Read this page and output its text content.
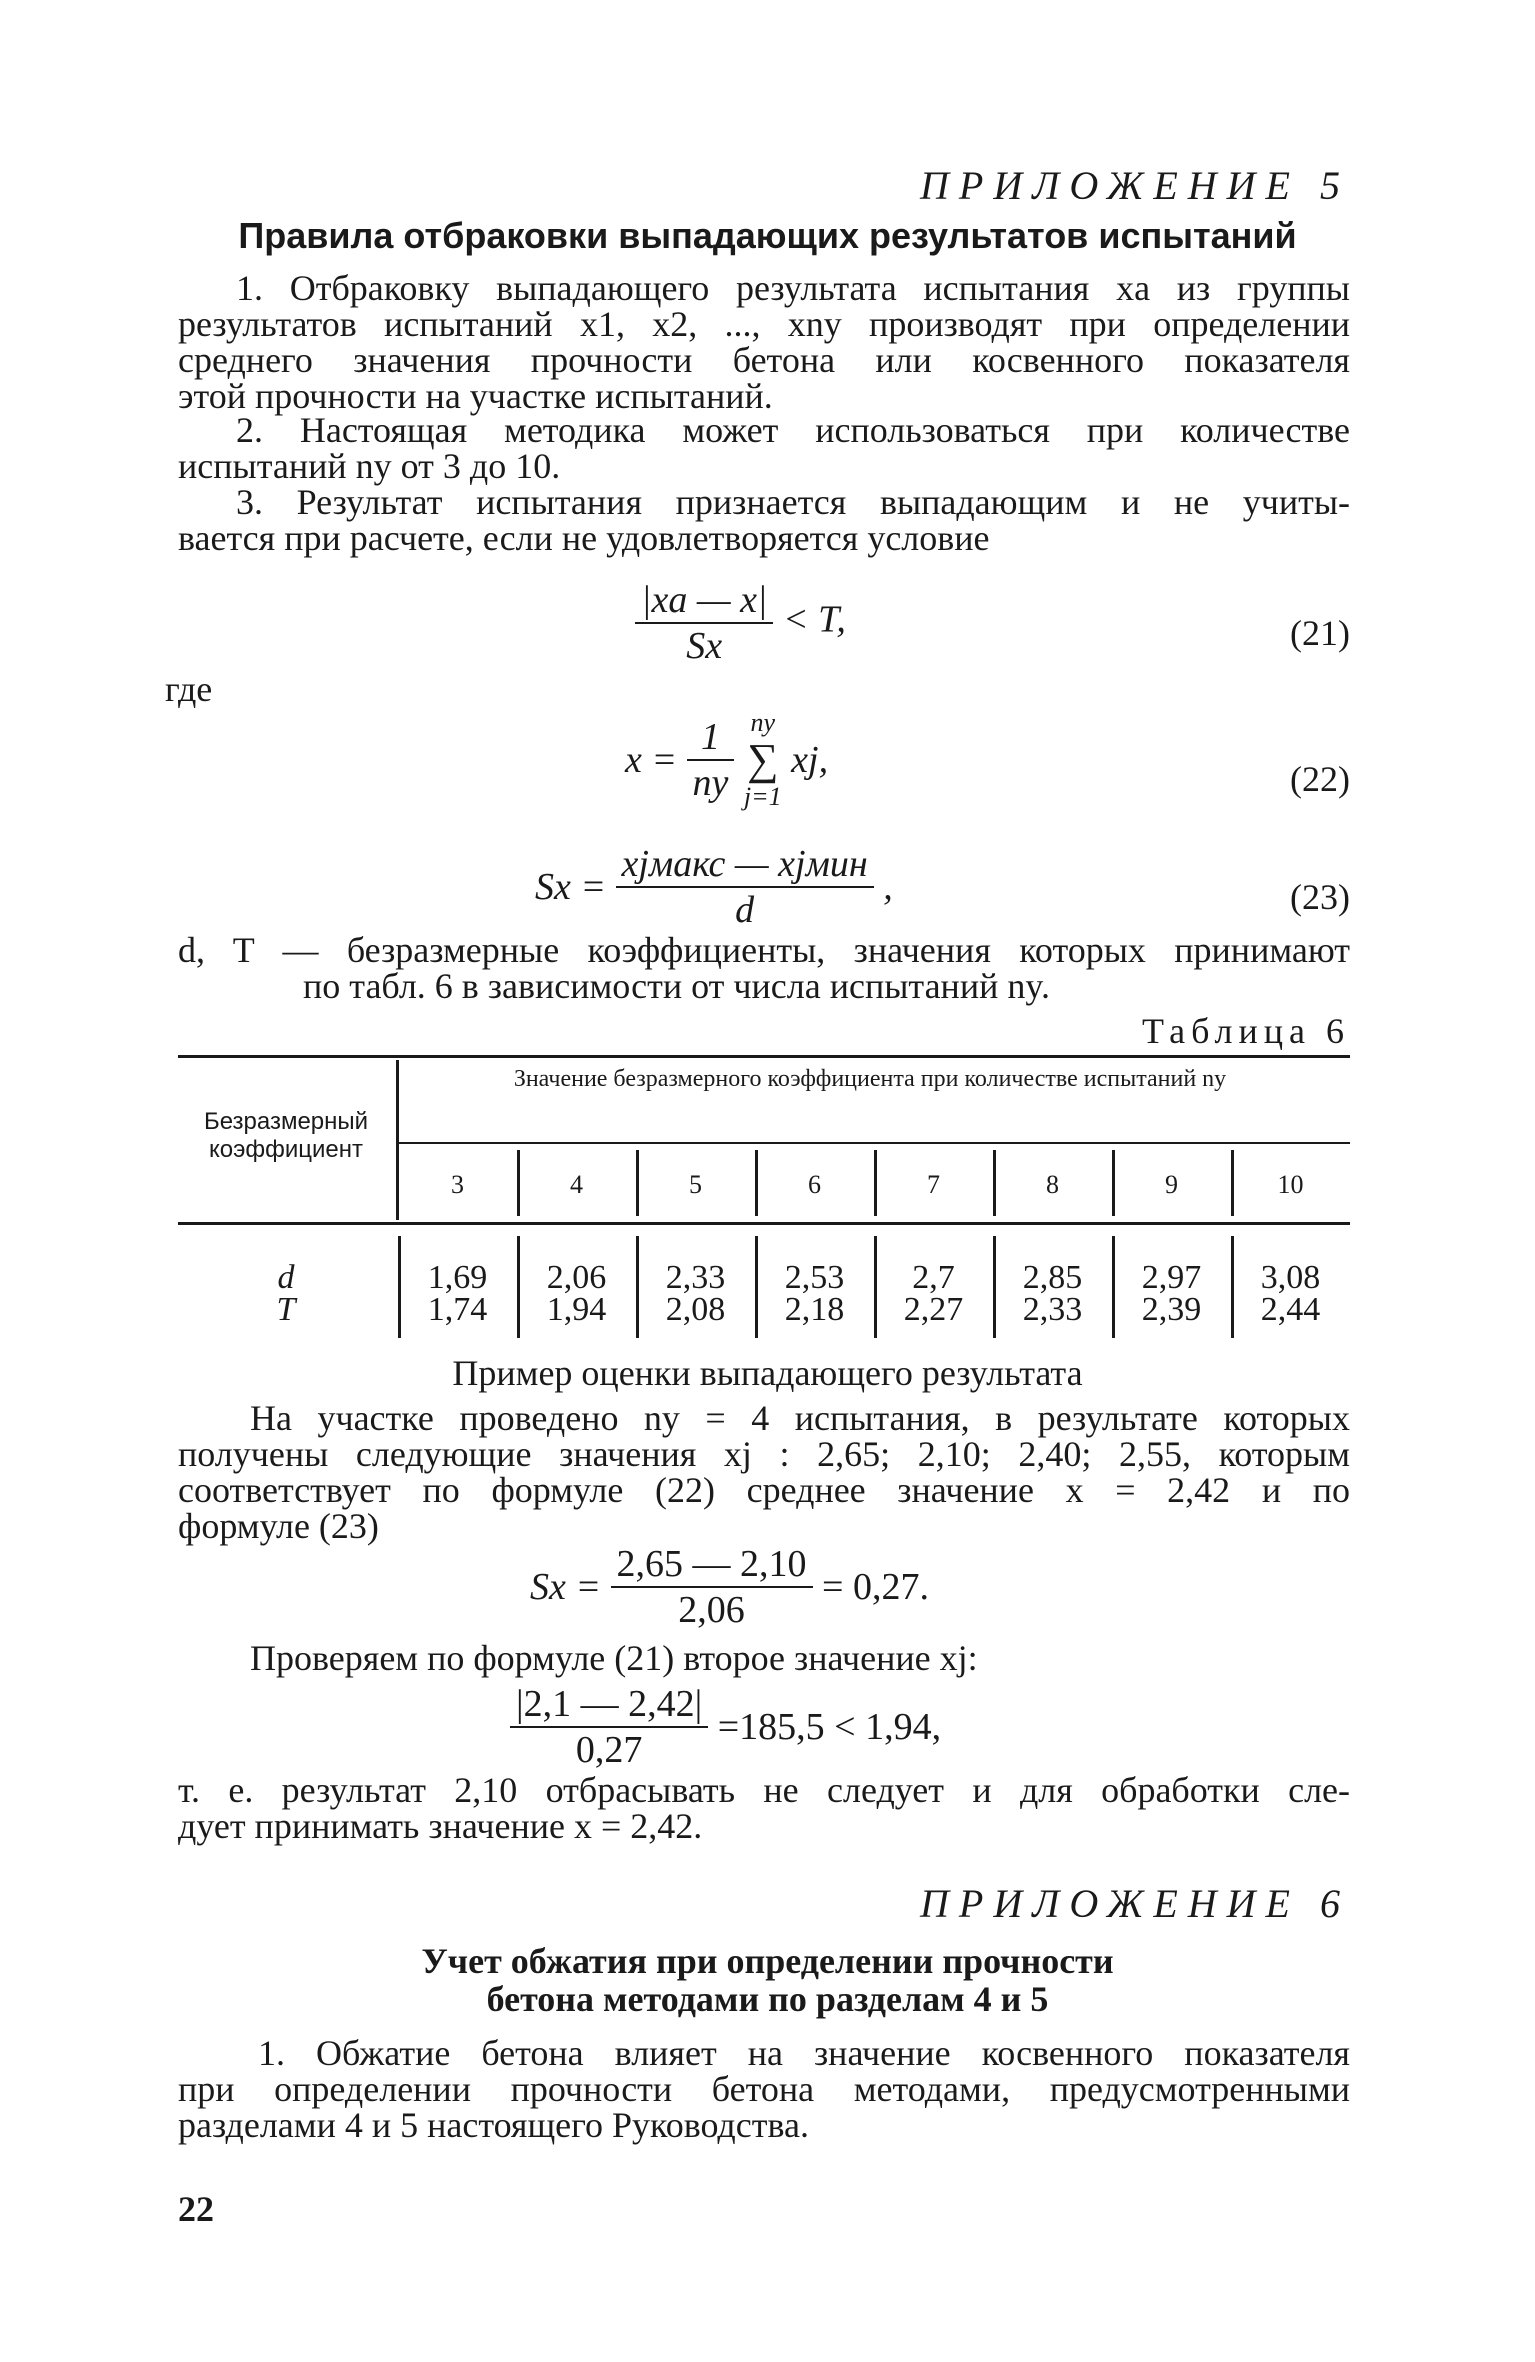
ПРИЛОЖЕНИЕ 5
Правила отбраковки выпадающих результатов испытаний
1. Отбраковку выпадающего результата испытания xa из группы
результатов испытаний x1, x2, ..., xny производят при определении
среднего значения прочности бетона или косвенного показателя
этой прочности на участке испытаний.
2. Настоящая методика может использоваться при количестве
испытаний ny от 3 до 10.
3. Результат испытания признается выпадающим и не учиты-
вается при расчете, если не удовлетворяется условие
$\frac{|xa — x|}{Sx} < T$,	(21)
где
$x = \frac{1}{ny}$
ny
∑
j=1
xj,	(22)
$Sx = \frac{\text{xjмакс — xjмин}}{d}$ ,	(23)
d, T — безразмерные коэффициенты, значения которых принимают
по табл. 6 в зависимости от числа испытаний ny.
Таблица 6
Безразмерный коэффициент
Значение безразмерного коэффициента при количестве испытаний ny
3	4	5	6	7	8	9	10
d	1,69	2,06	2,33	2,53	2,7	2,85	2,97	3,08
T	1,74	1,94	2,08	2,18	2,27	2,33	2,39	2,44
Пример оценки выпадающего результата
На участке проведено ny = 4 испытания, в результате которых
получены следующие значения xj : 2,65; 2,10; 2,40; 2,55, которым
соответствует по формуле (22) среднее значение x = 2,42 и по
формуле (23)
$Sx = \frac{2,65 — 2,10}{2,06} = 0,27$.
Проверяем по формуле (21) второе значение xj:
$\frac{|2,1 — 2,42|}{0,27} =185,5 < 1,94$,
т. е. результат 2,10 отбрасывать не следует и для обработки сле-
дует принимать значение x = 2,42.
ПРИЛОЖЕНИЕ 6
Учет обжатия при определении прочности
бетона методами по разделам 4 и 5
1. Обжатие бетона влияет на значение косвенного показателя
при определении прочности бетона методами, предусмотренными
разделами 4 и 5 настоящего Руководства.
22
